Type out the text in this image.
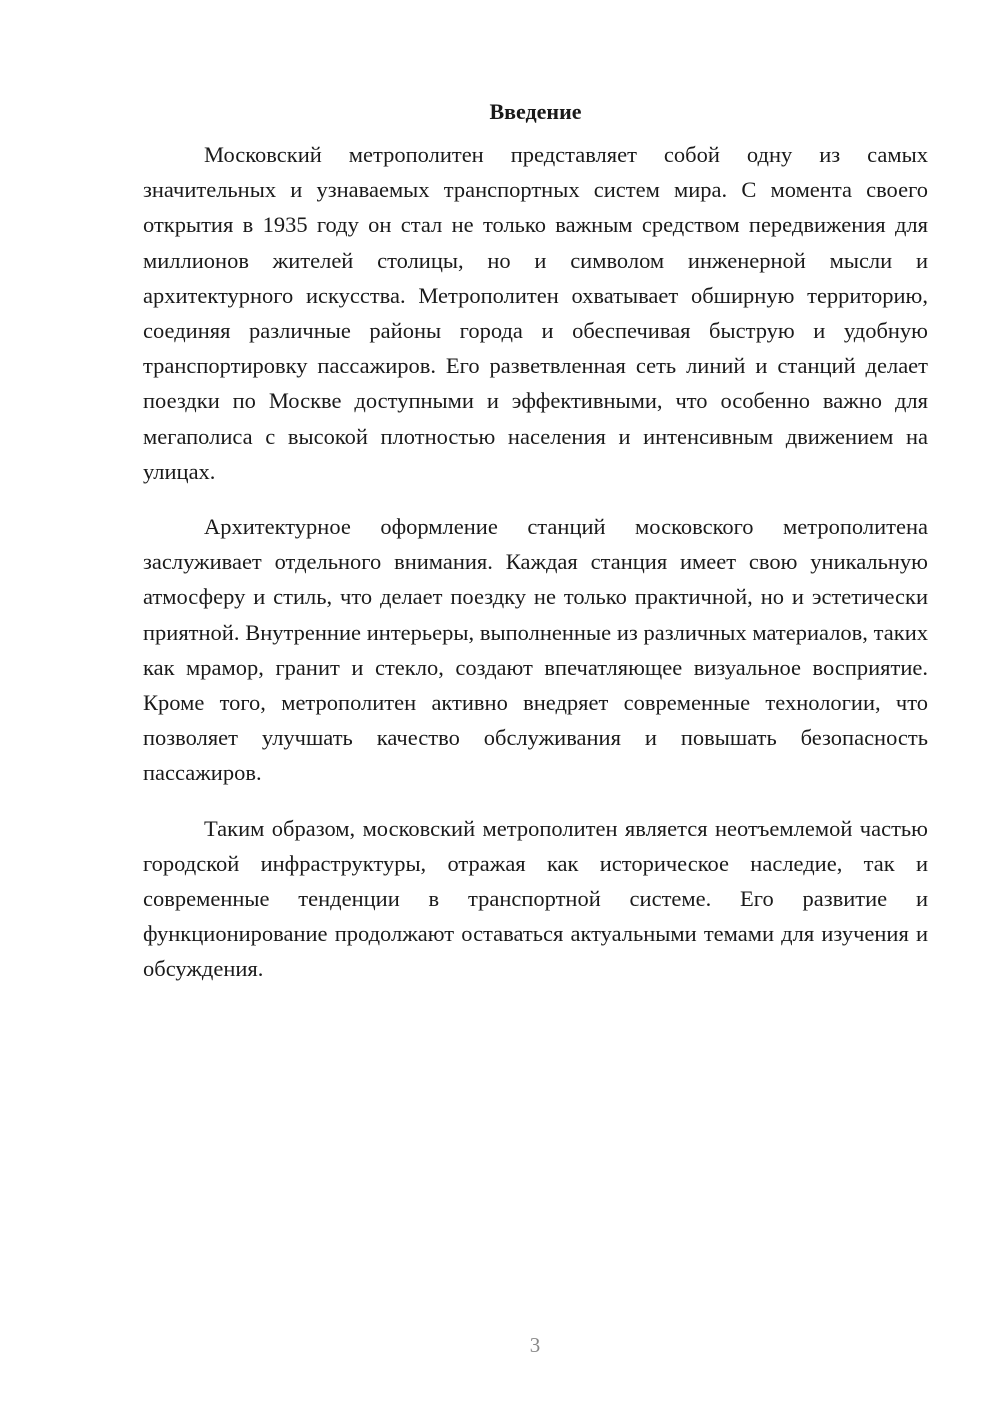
Введение

Московский метрополитен представляет собой одну из самых значительных и узнаваемых транспортных систем мира. С момента своего открытия в 1935 году он стал не только важным средством передвижения для миллионов жителей столицы, но и символом инженерной мысли и архитектурного искусства. Метрополитен охватывает обширную территорию, соединяя различные районы города и обеспечивая быструю и удобную транспортировку пассажиров. Его разветвленная сеть линий и станций делает поездки по Москве доступными и эффективными, что особенно важно для мегаполиса с высокой плотностью населения и интенсивным движением на улицах.

Архитектурное оформление станций московского метрополитена заслуживает отдельного внимания. Каждая станция имеет свою уникальную атмосферу и стиль, что делает поездку не только практичной, но и эстетически приятной. Внутренние интерьеры, выполненные из различных материалов, таких как мрамор, гранит и стекло, создают впечатляющее визуальное восприятие. Кроме того, метрополитен активно внедряет современные технологии, что позволяет улучшать качество обслуживания и повышать безопасность пассажиров.

Таким образом, московский метрополитен является неотъемлемой частью городской инфраструктуры, отражая как историческое наследие, так и современные тенденции в транспортной системе. Его развитие и функционирование продолжают оставаться актуальными темами для изучения и обсуждения.

3
